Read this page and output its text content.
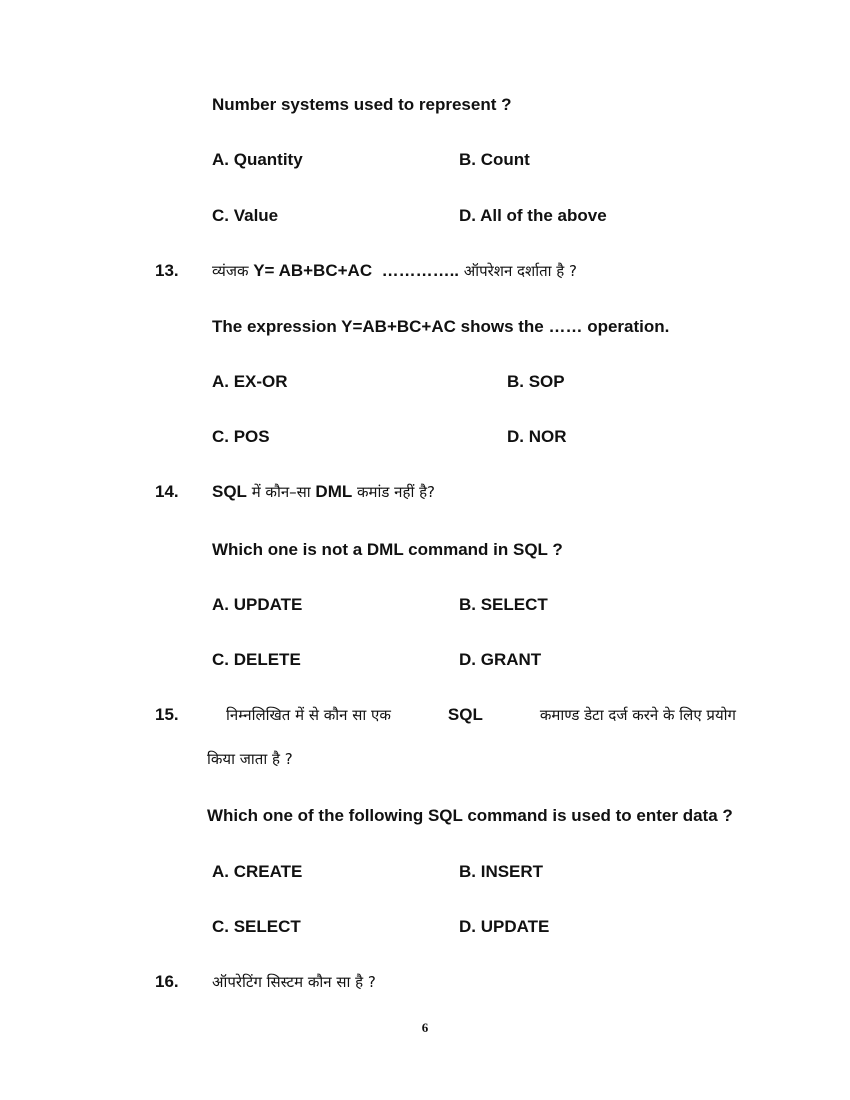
Number systems used to represent ?
A. Quantity	B. Count
C. Value	D. All of the above
13. व्यंजक Y= AB+BC+AC ………….. ऑपरेशन दर्शाता है ?
The expression Y=AB+BC+AC shows the …… operation.
A. EX-OR	B. SOP
C. POS	D. NOR
14. SQL में कौन–सा DML कमांड नहीं है?
Which one is not a DML command in SQL ?
A. UPDATE	B. SELECT
C. DELETE	D. GRANT
15.	निम्नलिखित में से कौन सा एक	SQL	कमाण्ड डेटा दर्ज करने के लिए प्रयोग
किया जाता है ?
Which one of the following SQL command is used to enter data ?
A. CREATE	B. INSERT
C. SELECT	D. UPDATE
16. ऑपरेटिंग सिस्टम कौन सा है ?
6
